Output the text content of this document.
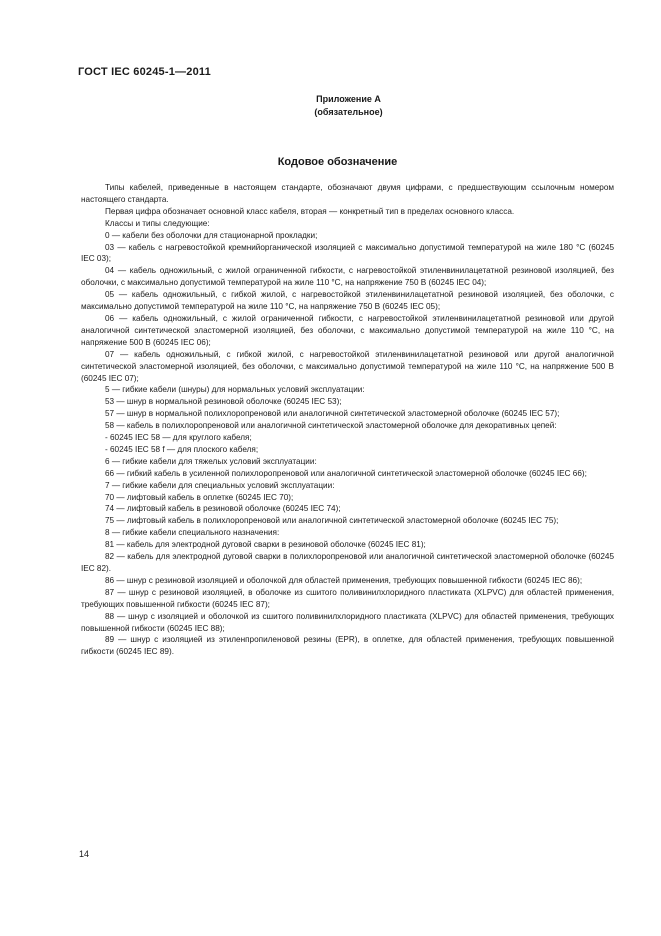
ГОСТ IEC 60245-1—2011
Приложение А
(обязательное)
Кодовое обозначение

Типы кабелей, приведенные в настоящем стандарте, обозначают двумя цифрами, с предшествующим ссылочным номером настоящего стандарта.

Первая цифра обозначает основной класс кабеля, вторая — конкретный тип в пределах основного класса.

Классы и типы следующие:

0 — кабели без оболочки для стационарной прокладки;

03 — кабель с нагревостойкой кремнийорганической изоляцией с максимально допустимой температурой на жиле 180 °С (60245 IEC 03);

04 — кабель одножильный, с жилой ограниченной гибкости, с нагревостойкой этиленвинилацетатной резиновой изоляцией, без оболочки, с максимально допустимой температурой на жиле 110 °С, на напряжение 750 В (60245 IEC 04);

05 — кабель одножильный, с гибкой жилой, с нагревостойкой этиленвинилацетатной резиновой изоляцией, без оболочки, с максимально допустимой температурой на жиле 110 °С, на напряжение 750 В (60245 IEC 05);

06 — кабель одножильный, с жилой ограниченной гибкости, с нагревостойкой этиленвинилацетатной резиновой или другой аналогичной синтетической эластомерной изоляцией, без оболочки, с максимально допустимой температурой на жиле 110 °С, на напряжение 500 В (60245 IEC 06);

07 — кабель одножильный, с гибкой жилой, с нагревостойкой этиленвинилацетатной резиновой или другой аналогичной синтетической эластомерной изоляцией, без оболочки, с максимально допустимой температурой на жиле 110 °С, на напряжение 500 В (60245 IEC 07);

5 — гибкие кабели (шнуры) для нормальных условий эксплуатации:

53 — шнур в нормальной резиновой оболочке (60245 IEC 53);

57 — шнур в нормальной полихлоропреновой или аналогичной синтетической эластомерной оболочке (60245 IEC 57);

58 — кабель в полихлоропреновой или аналогичной синтетической эластомерной оболочке для декоративных цепей:

- 60245 IEC 58 — для круглого кабеля;

- 60245 IEC 58 f — для плоского кабеля;

6 — гибкие кабели для тяжелых условий эксплуатации:

66 — гибкий кабель в усиленной полихлоропреновой или аналогичной синтетической эластомерной оболочке (60245 IEC 66);

7 — гибкие кабели для специальных условий эксплуатации:

70 — лифтовый кабель в оплетке (60245 IEC 70);

74 — лифтовый кабель в резиновой оболочке (60245 IEC 74);

75 — лифтовый кабель в полихлоропреновой или аналогичной синтетической эластомерной оболочке (60245 IEC 75);

8 — гибкие кабели специального назначения:

81 — кабель для электродной дуговой сварки в резиновой оболочке (60245 IEC 81);

82 — кабель для электродной дуговой сварки в полихлоропреновой или аналогичной синтетической эластомерной оболочке (60245 IEC 82).

86 — шнур с резиновой изоляцией и оболочкой для областей применения, требующих повышенной гибкости (60245 IEC 86);

87 — шнур с резиновой изоляцией, в оболочке из сшитого поливинилхлоридного пластиката (XLPVC) для областей применения, требующих повышенной гибкости (60245 IEC 87);

88 — шнур с изоляцией и оболочкой из сшитого поливинилхлоридного пластиката (XLPVC) для областей применения, требующих повышенной гибкости (60245 IEC 88);

89 — шнур с изоляцией из этиленпропиленовой резины (EPR), в оплетке, для областей применения, требующих повышенной гибкости (60245 IEC 89).

14
